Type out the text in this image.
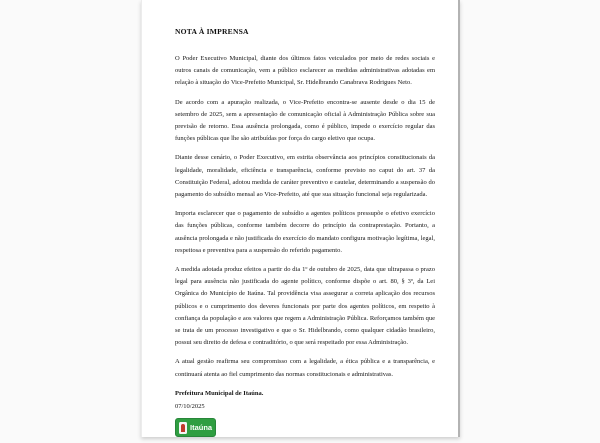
NOTA À IMPRENSA

O Poder Executivo Municipal, diante dos últimos fatos veiculados por meio de redes sociais e outros canais de comunicação, vem a público esclarecer as medidas administrativas adotadas em relação à situação do Vice-Prefeito Municipal, Sr. Hidelbrando Canabrava Rodrigues Neto.

De acordo com a apuração realizada, o Vice-Prefeito encontra-se ausente desde o dia 15 de setembro de 2025, sem a apresentação de comunicação oficial à Administração Pública sobre sua previsão de retorno. Essa ausência prolongada, como é público, impede o exercício regular das funções públicas que lhe são atribuídas por força do cargo eletivo que ocupa.

Diante desse cenário, o Poder Executivo, em estrita observância aos princípios constitucionais da legalidade, moralidade, eficiência e transparência, conforme previsto no caput do art. 37 da Constituição Federal, adotou medida de caráter preventivo e cautelar, determinando a suspensão do pagamento do subsídio mensal ao Vice-Prefeito, até que sua situação funcional seja regularizada.

Importa esclarecer que o pagamento de subsídio a agentes políticos pressupõe o efetivo exercício das funções públicas, conforme também decorre do princípio da contraprestação. Portanto, a ausência prolongada e não justificada do exercício do mandato configura motivação legítima, legal, respeitosa e preventiva para a suspensão do referido pagamento.

A medida adotada produz efeitos a partir do dia 1º de outubro de 2025, data que ultrapassa o prazo legal para ausência não justificada do agente político, conforme dispõe o art. 80, § 3º, da Lei Orgânica do Município de Itaúna. Tal providência visa assegurar a correta aplicação dos recursos públicos e o cumprimento dos deveres funcionais por parte dos agentes políticos, em respeito à confiança da população e aos valores que regem a Administração Pública. Reforçamos também que se trata de um processo investigativo e que o Sr. Hidelbrando, como qualquer cidadão brasileiro, possui seu direito de defesa e contraditório, o que será respeitado por essa Administração.

A atual gestão reafirma seu compromisso com a legalidade, a ética pública e a transparência, e continuará atenta ao fiel cumprimento das normas constitucionais e administrativas.

Prefeitura Municipal de Itaúna.

07/10/2025

Itaúna
